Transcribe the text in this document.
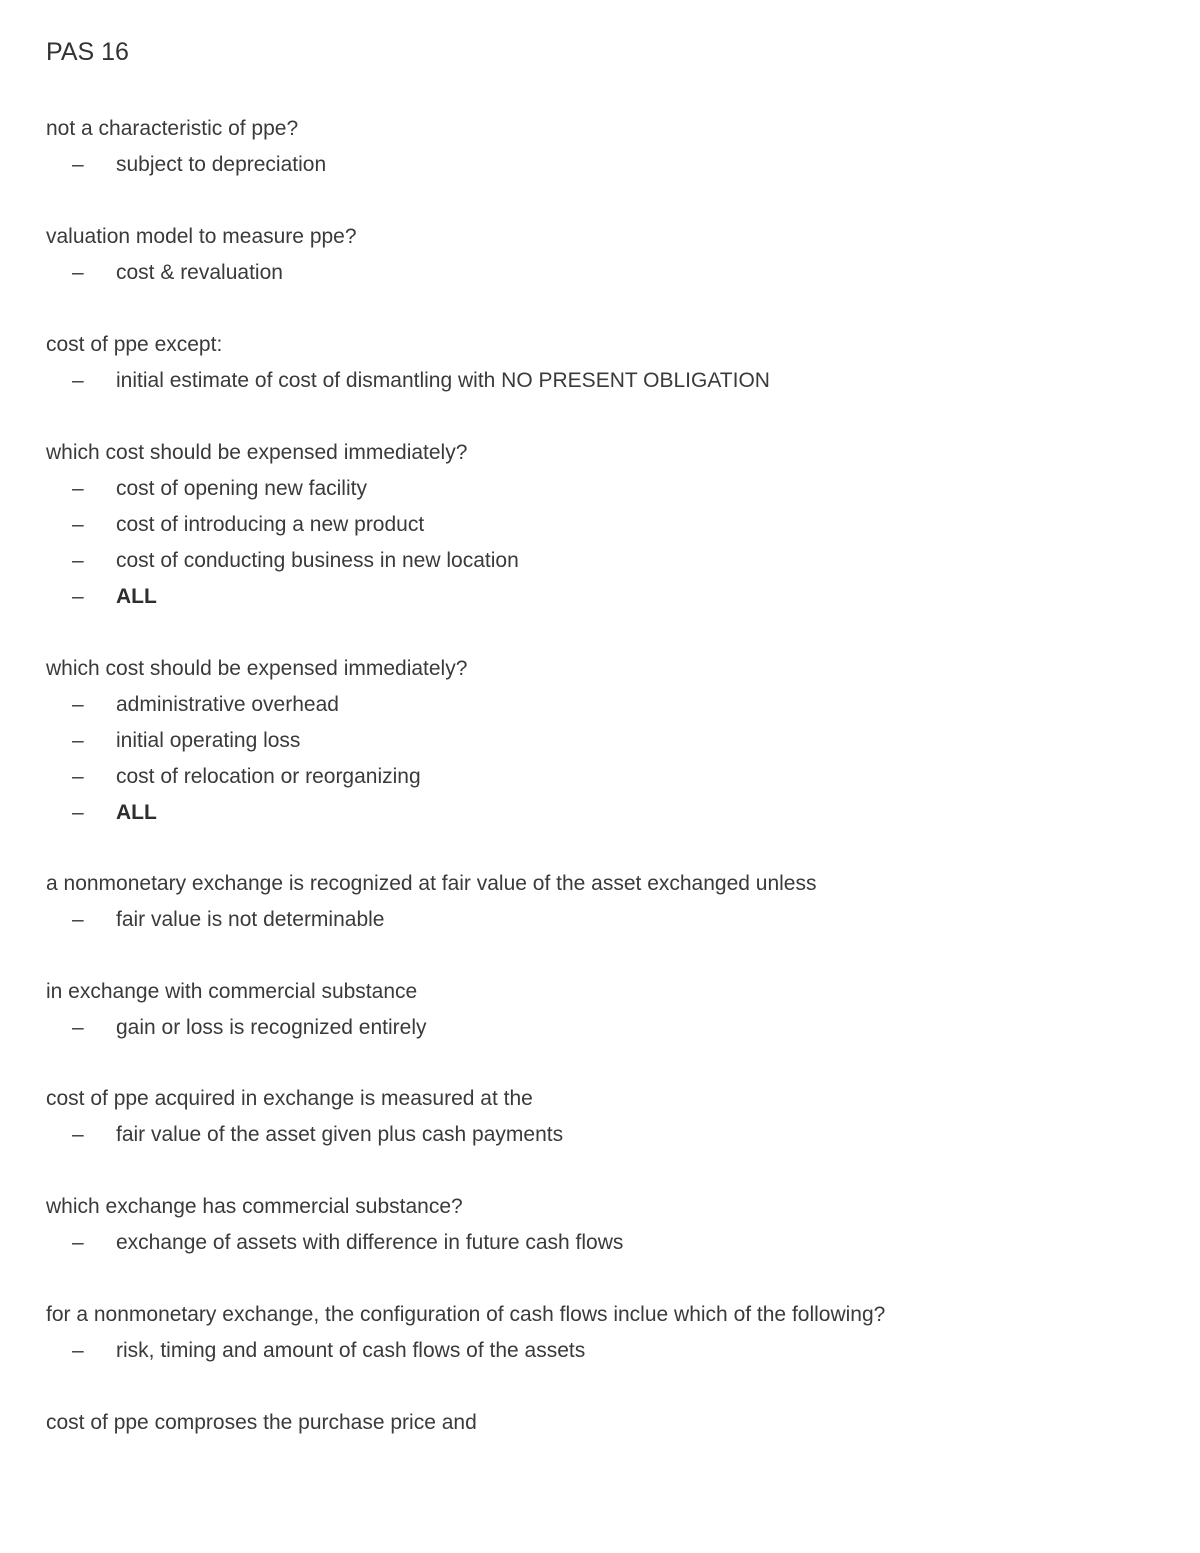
PAS 16
not a characteristic of ppe?
– subject to depreciation
valuation model to measure ppe?
– cost & revaluation
cost of ppe except:
– initial estimate of cost of dismantling with NO PRESENT OBLIGATION
which cost should be expensed immediately?
– cost of opening new facility
– cost of introducing a new product
– cost of conducting business in new location
– ALL
which cost should be expensed immediately?
– administrative overhead
– initial operating loss
– cost of relocation or reorganizing
– ALL
a nonmonetary exchange is recognized at fair value of the asset exchanged unless
– fair value is not determinable
in exchange with commercial substance
– gain or loss is recognized entirely
cost of ppe acquired in exchange is measured at the
– fair value of the asset given plus cash payments
which exchange has commercial substance?
– exchange of assets with difference in future cash flows
for a nonmonetary exchange, the configuration of cash flows inclue which of the following?
– risk, timing and amount of cash flows of the assets
cost of ppe comproses the purchase price and
